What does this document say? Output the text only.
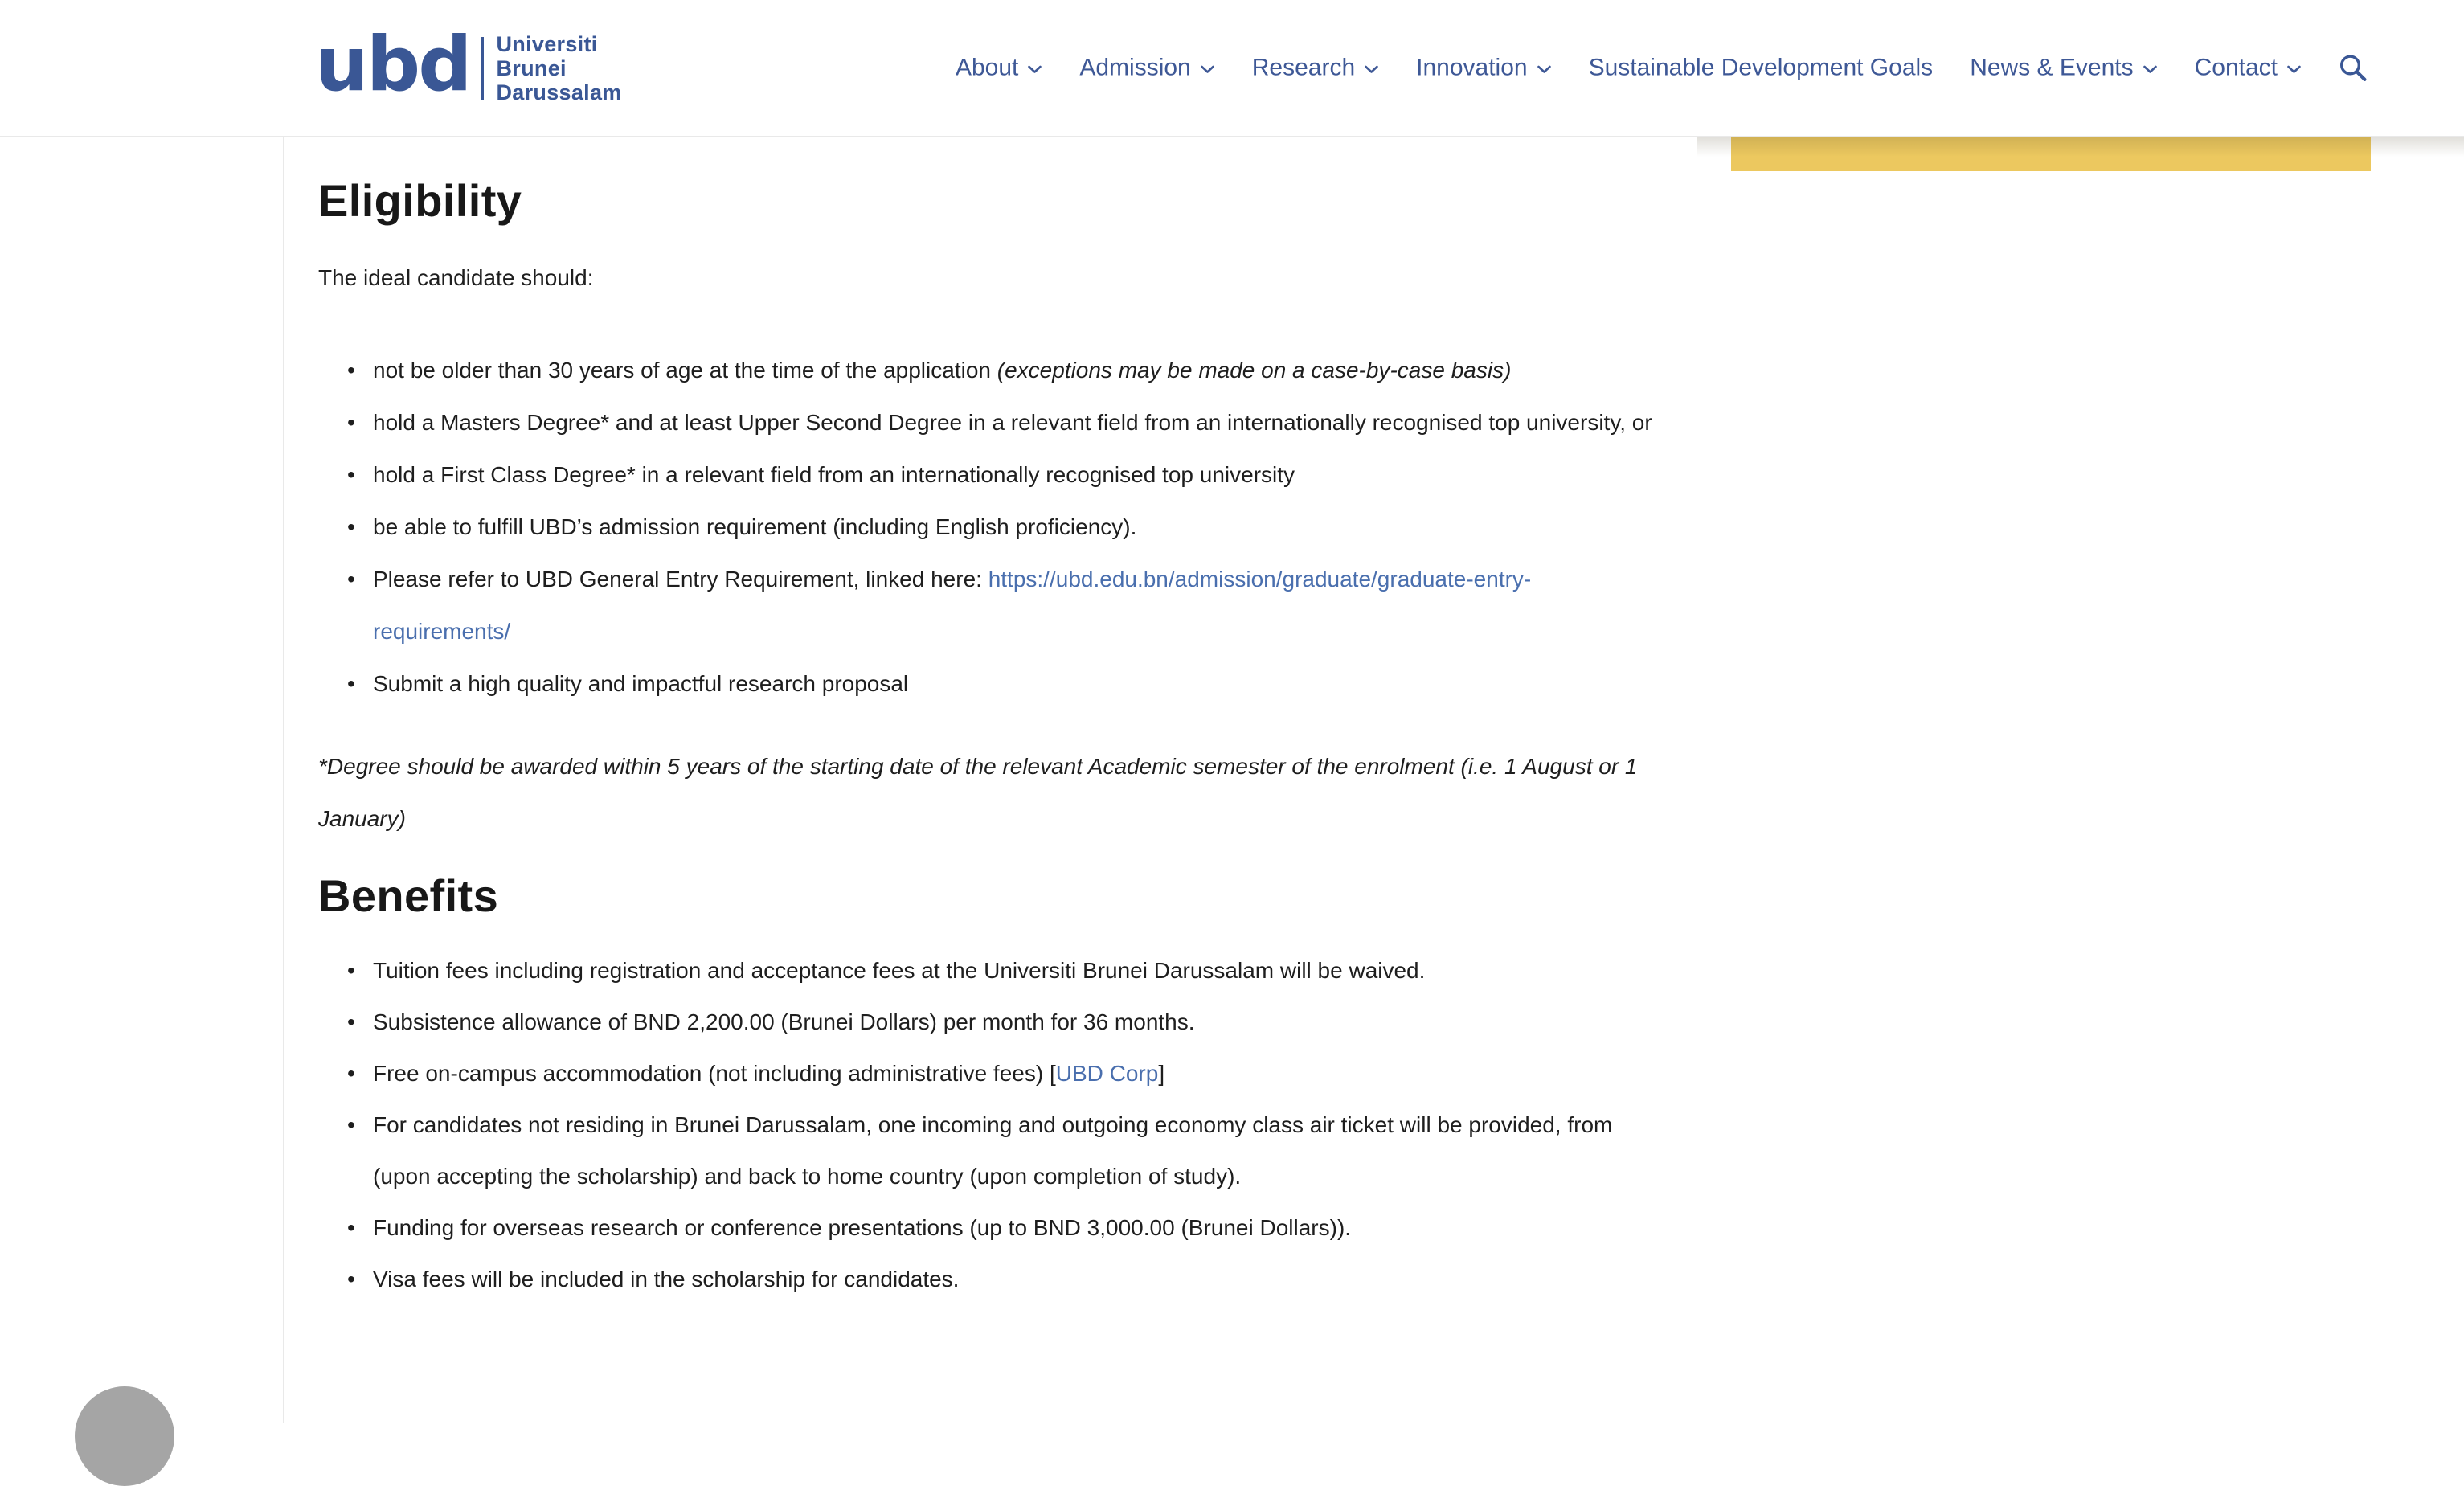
ubd Universiti
Brunei
Darussalam
About	Admission	Research	Innovation	Sustainable Development Goals News & Events	Contact
Eligibility

The ideal candidate should:

• not be older than 30 years of age at the time of the application (exceptions may be made on a case-by-case basis)
• hold a Masters Degree* and at least Upper Second Degree in a relevant field from an internationally recognised top university, or
• hold a First Class Degree* in a relevant field from an internationally recognised top university
• be able to fulfill UBD’s admission requirement (including English proficiency).
• Please refer to UBD General Entry Requirement, linked here: https://ubd.edu.bn/admission/graduate/graduate-entry-requirements/
• Submit a high quality and impactful research proposal

*Degree should be awarded within 5 years of the starting date of the relevant Academic semester of the enrolment (i.e. 1 August or 1 January)

Benefits
• Tuition fees including registration and acceptance fees at the Universiti Brunei Darussalam will be waived.
• Subsistence allowance of BND 2,200.00 (Brunei Dollars) per month for 36 months.
• Free on-campus accommodation (not including administrative fees) [UBD Corp]
• For candidates not residing in Brunei Darussalam, one incoming and outgoing economy class air ticket will be provided, from (upon accepting the scholarship) and back to home country (upon completion of study).
• Funding for overseas research or conference presentations (up to BND 3,000.00 (Brunei Dollars)).
• Visa fees will be included in the scholarship for candidates.
